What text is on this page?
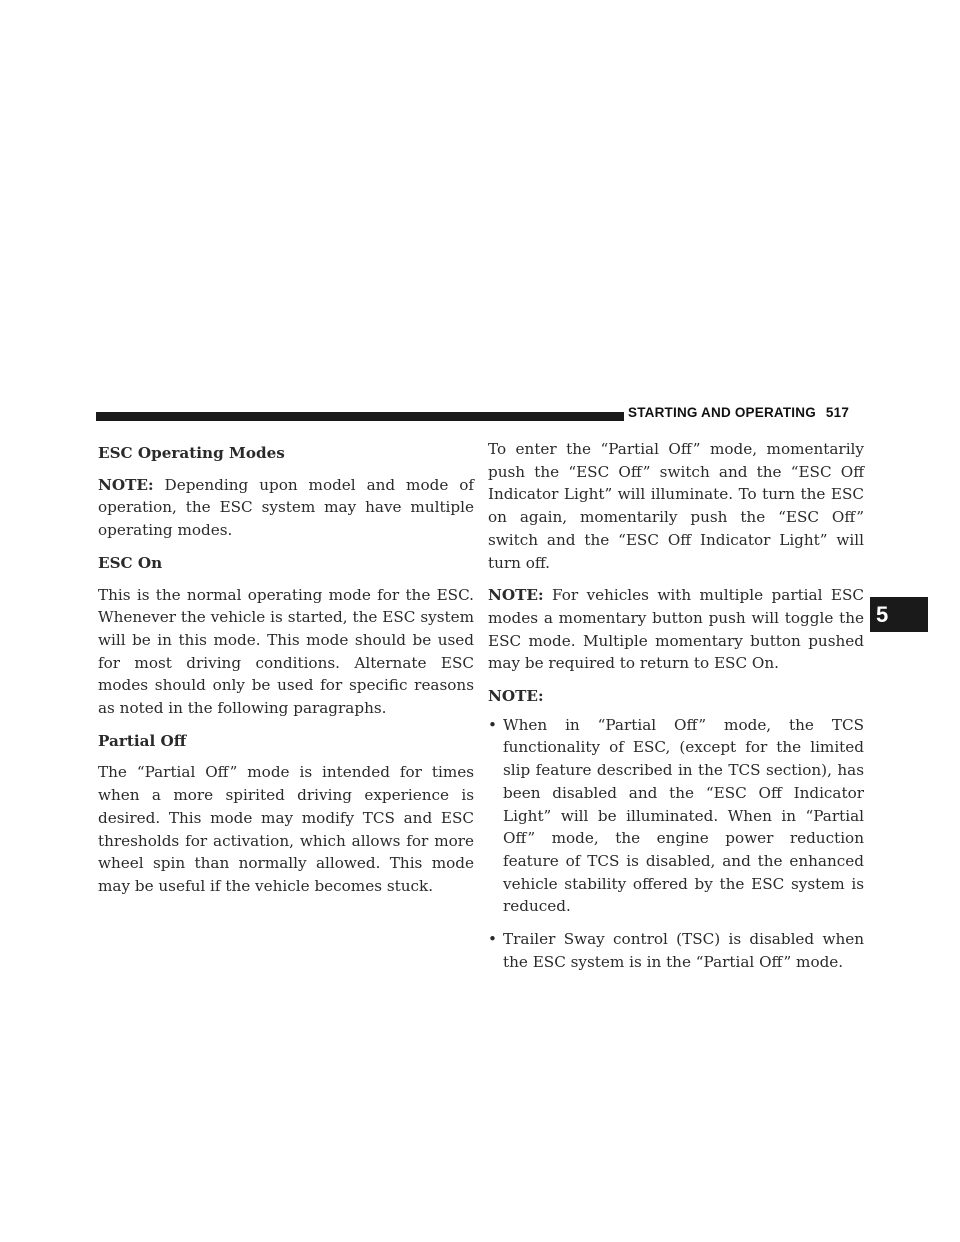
STARTING AND OPERATING 517
5
ESC Operating Modes

NOTE: Depending upon model and mode of operation, the ESC system may have multiple operating modes.

ESC On

This is the normal operating mode for the ESC. Whenever the vehicle is started, the ESC system will be in this mode. This mode should be used for most driving conditions. Alternate ESC modes should only be used for specific reasons as noted in the following paragraphs.

Partial Off

The “Partial Off” mode is intended for times when a more spirited driving experience is desired. This mode may modify TCS and ESC thresholds for activation, which allows for more wheel spin than normally allowed. This mode may be useful if the vehicle becomes stuck.

To enter the “Partial Off” mode, momentarily push the “ESC Off” switch and the “ESC Off Indicator Light” will illuminate. To turn the ESC on again, momentarily push the “ESC Off” switch and the “ESC Off Indicator Light” will turn off.

NOTE: For vehicles with multiple partial ESC modes a momentary button push will toggle the ESC mode. Multiple momentary button pushed may be required to return to ESC On.

NOTE:

• When in “Partial Off” mode, the TCS functionality of ESC, (except for the limited slip feature described in the TCS section), has been disabled and the “ESC Off Indicator Light” will be illuminated. When in “Partial Off” mode, the engine power reduction feature of TCS is disabled, and the enhanced vehicle stability offered by the ESC system is reduced.
• Trailer Sway control (TSC) is disabled when the ESC system is in the “Partial Off” mode.
